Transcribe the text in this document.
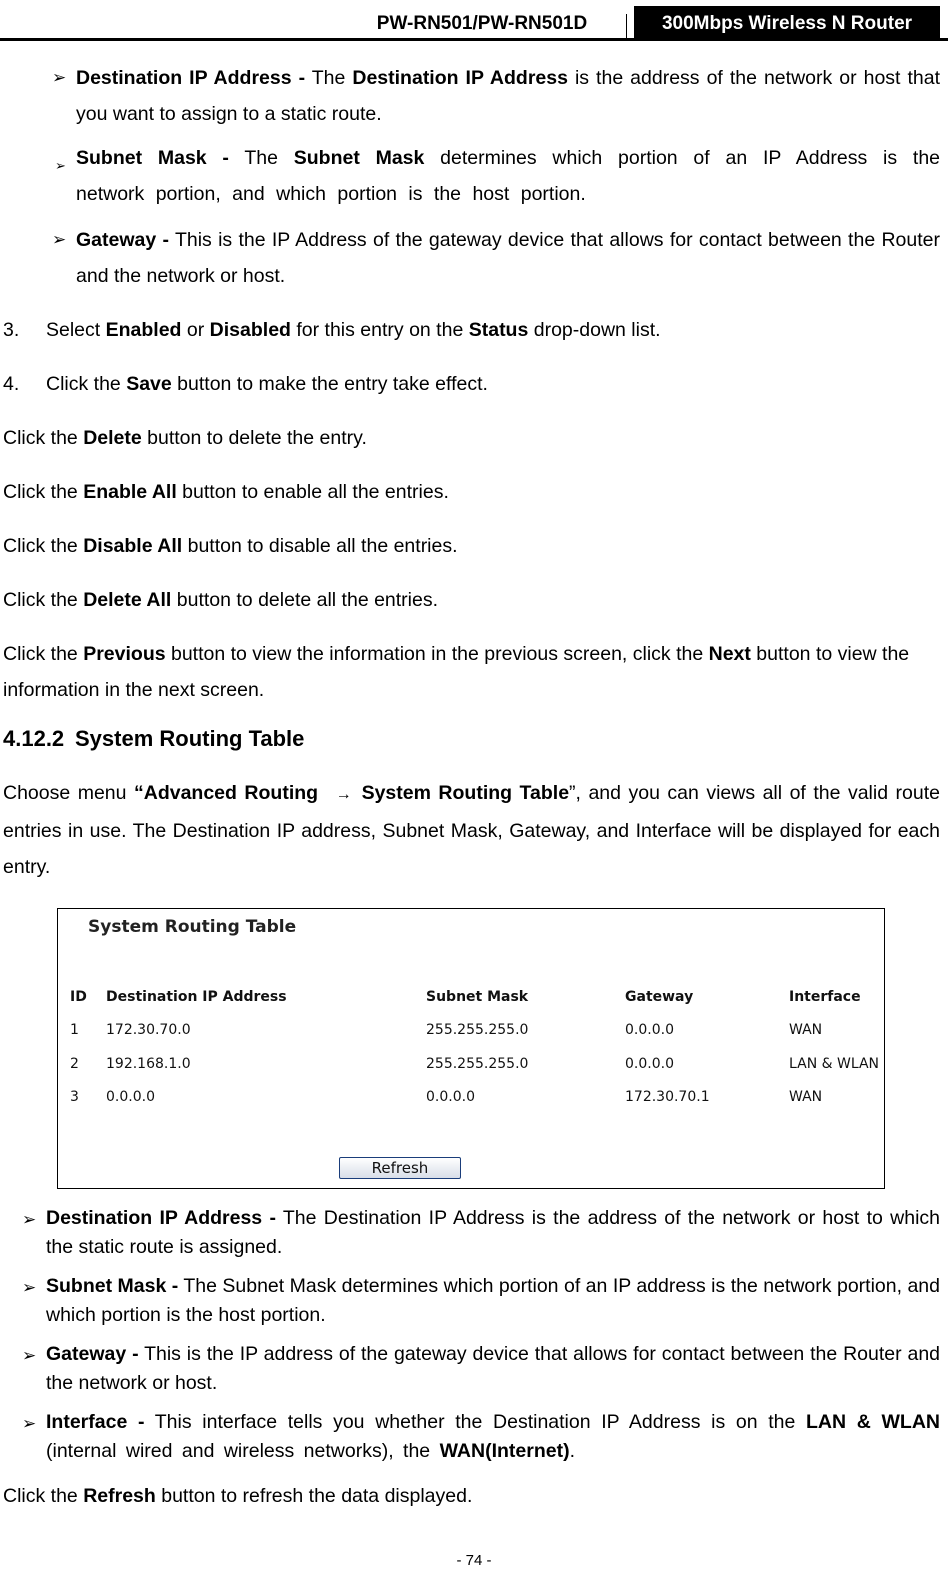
PW-RN501/PW-RN501D	300Mbps Wireless N Router
➢ Destination IP Address - The Destination IP Address is the address of the network or host that you want to assign to a static route.
➢ Subnet Mask - The Subnet Mask determines which portion of an IP Address is the network portion, and which portion is the host portion.
➢ Gateway - This is the IP Address of the gateway device that allows for contact between the Router and the network or host.
3. Select Enabled or Disabled for this entry on the Status drop-down list.
4. Click the Save button to make the entry take effect.
Click the Delete button to delete the entry.
Click the Enable All button to enable all the entries.
Click the Disable All button to disable all the entries.
Click the Delete All button to delete all the entries.
Click the Previous button to view the information in the previous screen, click the Next button to view the information in the next screen.
4.12.2 System Routing Table
Choose menu “Advanced Routing → System Routing Table”, and you can views all of the valid route entries in use. The Destination IP address, Subnet Mask, Gateway, and Interface will be displayed for each entry.
System Routing Table
ID Destination IP Address	Subnet Mask	Gateway	Interface
1 172.30.70.0	255.255.255.0	0.0.0.0	WAN
2 192.168.1.0	255.255.255.0	0.0.0.0	LAN & WLAN
3 0.0.0.0	0.0.0.0	172.30.70.1	WAN
Refresh
➢ Destination IP Address - The Destination IP Address is the address of the network or host to which the static route is assigned.
➢ Subnet Mask - The Subnet Mask determines which portion of an IP address is the network portion, and which portion is the host portion.
➢ Gateway - This is the IP address of the gateway device that allows for contact between the Router and the network or host.
➢ Interface - This interface tells you whether the Destination IP Address is on the LAN & WLAN (internal wired and wireless networks), the WAN(Internet).
Click the Refresh button to refresh the data displayed.
- 74 -
